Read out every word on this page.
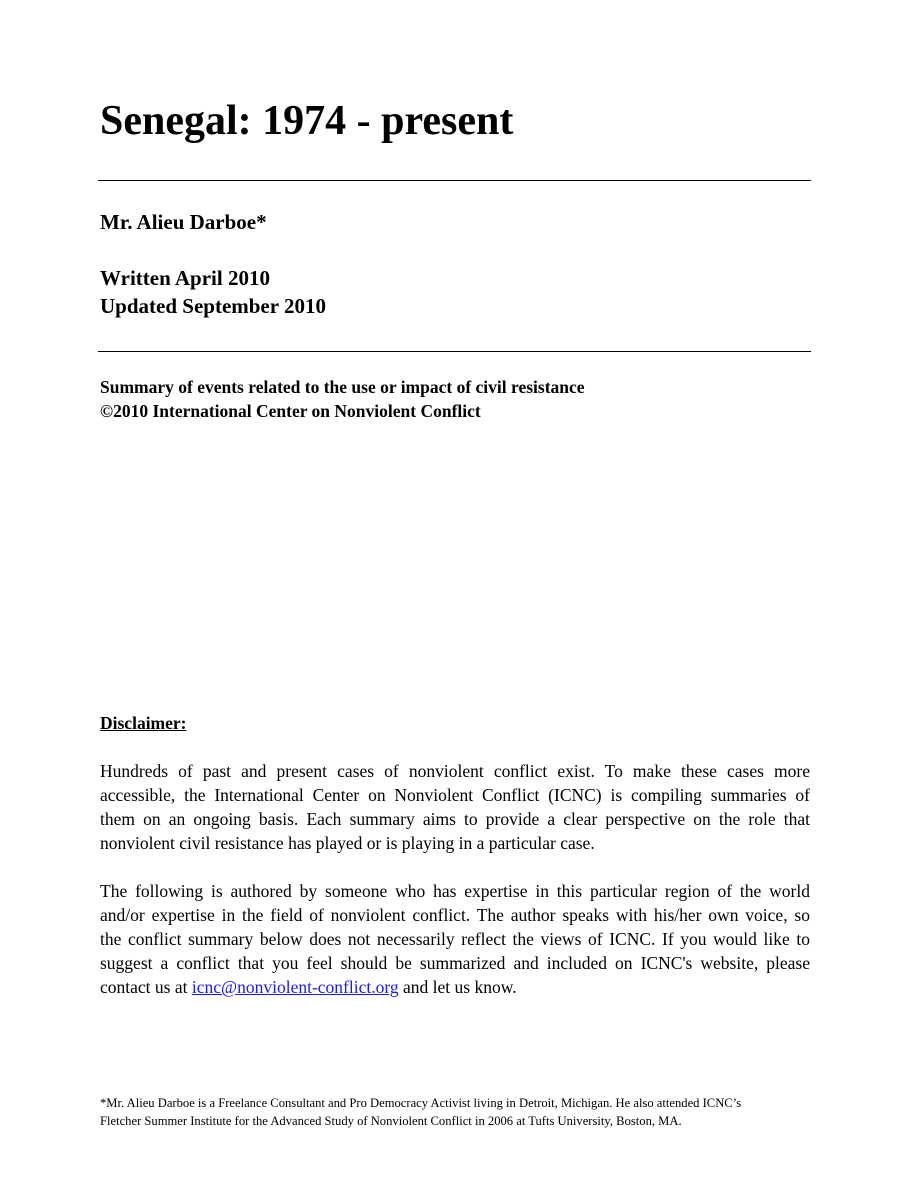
Senegal: 1974 - present
Mr. Alieu Darboe*
Written April 2010
Updated September 2010
Summary of events related to the use or impact of civil resistance
©2010 International Center on Nonviolent Conflict
Disclaimer:
Hundreds of past and present cases of nonviolent conflict exist. To make these cases more
accessible, the International Center on Nonviolent Conflict (ICNC) is compiling summaries of
them on an ongoing basis. Each summary aims to provide a clear perspective on the role that
nonviolent civil resistance has played or is playing in a particular case.
The following is authored by someone who has expertise in this particular region of the world
and/or expertise in the field of nonviolent conflict. The author speaks with his/her own voice, so
the conflict summary below does not necessarily reflect the views of ICNC. If you would like to
suggest a conflict that you feel should be summarized and included on ICNC's website, please
contact us at icnc@nonviolent-conflict.org and let us know.
*Mr. Alieu Darboe is a Freelance Consultant and Pro Democracy Activist living in Detroit, Michigan. He also attended ICNC’s
Fletcher Summer Institute for the Advanced Study of Nonviolent Conflict in 2006 at Tufts University, Boston, MA.
